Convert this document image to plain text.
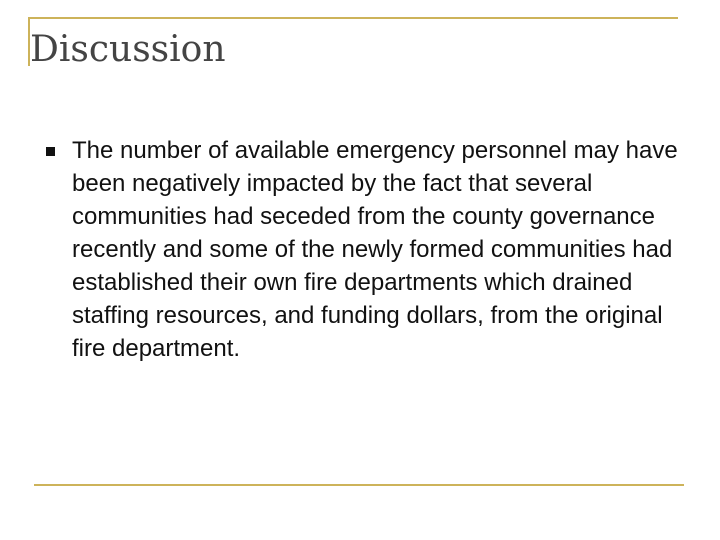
Discussion
The number of available emergency personnel may have been negatively impacted by the fact that several communities had seceded from the county governance recently and some of the newly formed communities had established their own fire departments which drained staffing resources, and funding dollars, from the original fire department.
